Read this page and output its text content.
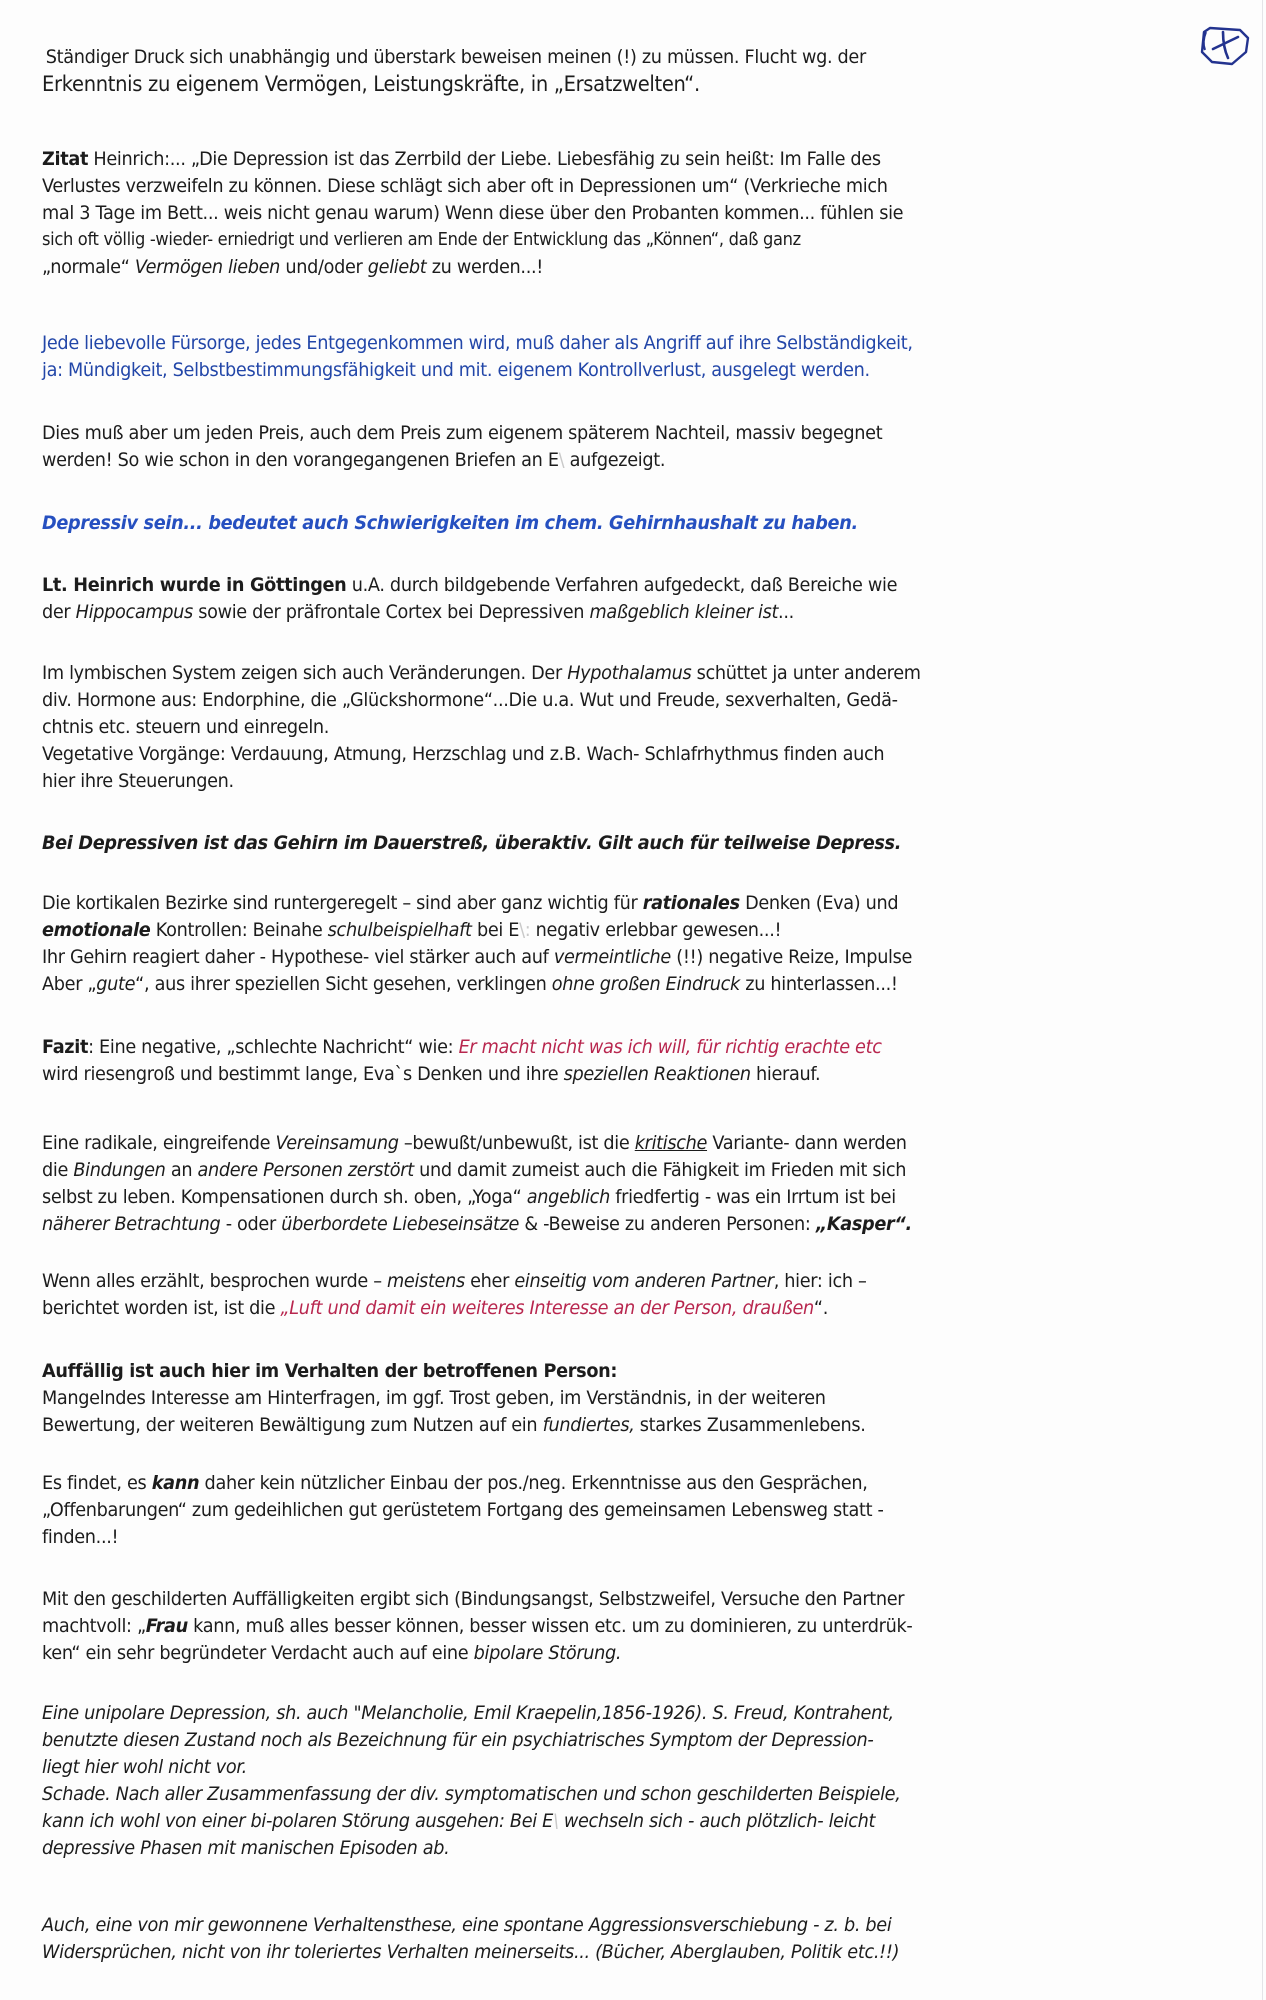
Ständiger Druck sich unabhängig und überstark beweisen meinen (!) zu müssen. Flucht wg. der

Erkenntnis zu eigenem Vermögen, Leistungskräfte, in „Ersatzwelten“.

Zitat Heinrich:... „Die Depression ist das Zerrbild der Liebe. Liebesfähig zu sein heißt: Im Falle des

Verlustes verzweifeln zu können. Diese schlägt sich aber oft in Depressionen um“ (Verkrieche mich

mal 3 Tage im Bett... weis nicht genau warum) Wenn diese über den Probanten kommen... fühlen sie

sich oft völlig -wieder- erniedrigt und verlieren am Ende der Entwicklung das „Können“, daß ganz

„normale“ Vermögen lieben und/oder geliebt zu werden...!

Jede liebevolle Fürsorge, jedes Entgegenkommen wird, muß daher als Angriff auf ihre Selbständigkeit,

ja: Mündigkeit, Selbstbestimmungsfähigkeit und mit. eigenem Kontrollverlust, ausgelegt werden.

Dies muß aber um jeden Preis, auch dem Preis zum eigenem späterem Nachteil, massiv begegnet

werden! So wie schon in den vorangegangenen Briefen an E\ aufgezeigt.

Depressiv sein... bedeutet auch Schwierigkeiten im chem. Gehirnhaushalt zu haben.

Lt. Heinrich wurde in Göttingen u.A. durch bildgebende Verfahren aufgedeckt, daß Bereiche wie

der Hippocampus sowie der präfrontale Cortex bei Depressiven maßgeblich kleiner ist...

Im lymbischen System zeigen sich auch Veränderungen. Der Hypothalamus schüttet ja unter anderem

div. Hormone aus: Endorphine, die „Glückshormone“...Die u.a. Wut und Freude, sexverhalten, Gedä-

chtnis etc. steuern und einregeln.

Vegetative Vorgänge: Verdauung, Atmung, Herzschlag und z.B. Wach- Schlafrhythmus finden auch

hier ihre Steuerungen.

Bei Depressiven ist das Gehirn im Dauerstreß, überaktiv. Gilt auch für teilweise Depress.

Die kortikalen Bezirke sind runtergeregelt – sind aber ganz wichtig für rationales Denken (Eva) und

emotionale Kontrollen: Beinahe schulbeispielhaft bei E\: negativ erlebbar gewesen...!

Ihr Gehirn reagiert daher - Hypothese- viel stärker auch auf vermeintliche (!!) negative Reize, Impulse

Aber „gute“, aus ihrer speziellen Sicht gesehen, verklingen ohne großen Eindruck zu hinterlassen...!

Fazit: Eine negative, „schlechte Nachricht“ wie: Er macht nicht was ich will, für richtig erachte etc

wird riesengroß und bestimmt lange, Eva`s Denken und ihre speziellen Reaktionen hierauf.

Eine radikale, eingreifende Vereinsamung –bewußt/unbewußt, ist die kritische Variante- dann werden

die Bindungen an andere Personen zerstört und damit zumeist auch die Fähigkeit im Frieden mit sich

selbst zu leben. Kompensationen durch sh. oben, „Yoga“ angeblich friedfertig - was ein Irrtum ist bei

näherer Betrachtung - oder überbordete Liebeseinsätze & -Beweise zu anderen Personen: „Kasper“.

Wenn alles erzählt, besprochen wurde – meistens eher einseitig vom anderen Partner, hier: ich –

berichtet worden ist, ist die „Luft und damit ein weiteres Interesse an der Person, draußen“.

Auffällig ist auch hier im Verhalten der betroffenen Person:

Mangelndes Interesse am Hinterfragen, im ggf. Trost geben, im Verständnis, in der weiteren

Bewertung, der weiteren Bewältigung zum Nutzen auf ein fundiertes, starkes Zusammenlebens.

Es findet, es kann daher kein nützlicher Einbau der pos./neg. Erkenntnisse aus den Gesprächen,

„Offenbarungen“ zum gedeihlichen gut gerüstetem Fortgang des gemeinsamen Lebensweg statt -

finden...!

Mit den geschilderten Auffälligkeiten ergibt sich (Bindungsangst, Selbstzweifel, Versuche den Partner

machtvoll: „Frau kann, muß alles besser können, besser wissen etc. um zu dominieren, zu unterdrük-

ken“ ein sehr begründeter Verdacht auch auf eine bipolare Störung.

Eine unipolare Depression, sh. auch "Melancholie, Emil Kraepelin,1856-1926). S. Freud, Kontrahent,

benutzte diesen Zustand noch als Bezeichnung für ein psychiatrisches Symptom der Depression-

liegt hier wohl nicht vor.

Schade. Nach aller Zusammenfassung der div. symptomatischen und schon geschilderten Beispiele,

kann ich wohl von einer bi-polaren Störung ausgehen: Bei E\ wechseln sich - auch plötzlich- leicht

depressive Phasen mit manischen Episoden ab.

Auch, eine von mir gewonnene Verhaltensthese, eine spontane Aggressionsverschiebung - z. b. bei

Widersprüchen, nicht von ihr toleriertes Verhalten meinerseits... (Bücher, Aberglauben, Politik etc.!!)
